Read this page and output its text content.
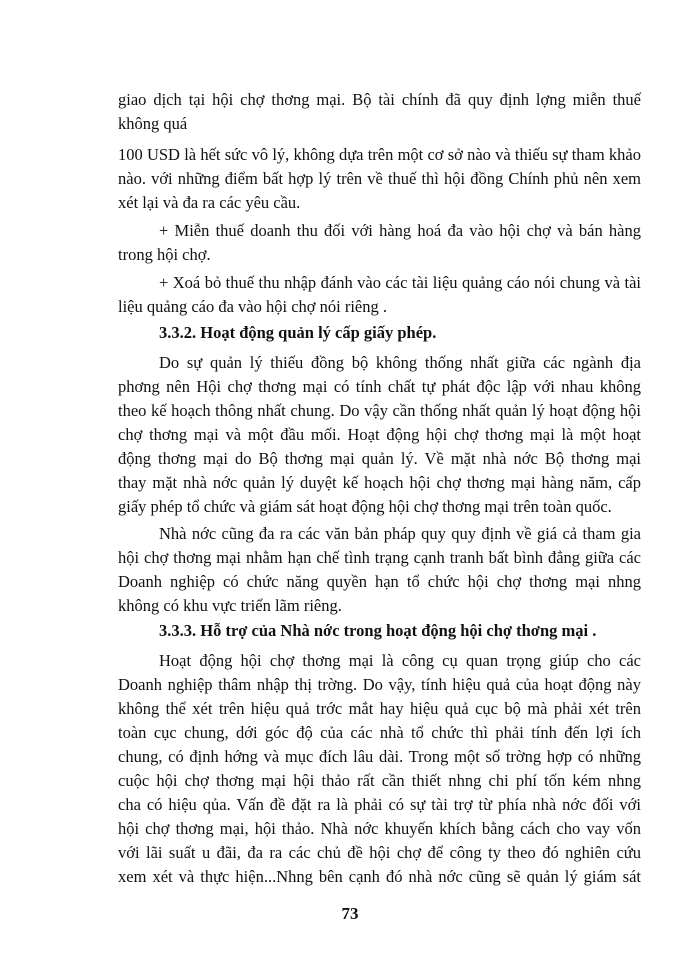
giao dịch tại hội chợ thơng mại. Bộ tài chính đã quy định lợng miễn thuế
không quá

100 USD là hết sức vô lý, không dựa trên một cơ sở nào và thiếu sự tham khảo
nào. với những điểm bất hợp lý trên về thuế thì hội đồng Chính phủ nên xem
xét lại và đa ra các yêu cầu.

+ Miễn thuế doanh thu đối với hàng hoá đa vào hội chợ và bán hàng
trong hội chợ.

+ Xoá bỏ thuế thu nhập đánh vào các tài liệu quảng cáo nói chung và tài
liệu quảng cáo đa vào hội chợ nói riêng .

3.3.2. Hoạt động quản lý cấp giấy phép.

Do sự quản lý thiếu đồng bộ không thống nhất giữa các ngành địa
phơng nên Hội chợ thơng mại có tính chất tự phát độc lập với nhau không
theo kế hoạch thông nhất chung. Do vậy cần thống nhất quản lý hoạt động hội
chợ thơng mại và một đầu mối. Hoạt động hội chợ thơng mại là một hoạt
động thơng mại do Bộ thơng mại quản lý. Về mặt nhà nớc Bộ thơng mại
thay mặt nhà nớc quản lý duyệt kế hoạch hội chợ thơng mại hàng năm, cấp
giấy phép tổ chức và giám sát hoạt động hội chợ thơng mại trên toàn quốc.

Nhà nớc cũng đa ra các văn bản pháp quy quy định về giá cả tham gia
hội chợ thơng mại nhằm hạn chế tình trạng cạnh tranh bất bình đẳng giữa các
Doanh nghiệp có chức năng quyền hạn tổ chức hội chợ thơng mại nhng
không có khu vực triển lãm riêng.

3.3.3. Hỗ trợ của Nhà nớc trong hoạt động hội chợ thơng mại .

Hoạt động hội chợ thơng mại là công cụ quan trọng giúp cho các
Doanh nghiệp thâm nhập thị trờng. Do vậy, tính hiệu quả của hoạt động này
không thể xét trên hiệu quả trớc mắt hay hiệu quả cục bộ mà phải xét trên
toàn cục chung, dới góc độ của các nhà tổ chức thì phải tính đến lợi ích
chung, có định hớng và mục đích lâu dài. Trong một số trờng hợp có những
cuộc hội chợ thơng mại hội thảo rất cần thiết nhng chi phí tốn kém nhng
cha có hiệu qủa. Vấn đề đặt ra là phải có sự tài trợ từ phía nhà nớc đối với
hội chợ thơng mại, hội thảo. Nhà nớc khuyến khích bằng cách cho vay vốn
với lãi suất u đãi, đa ra các chủ đề hội chợ để công ty theo đó nghiên cứu
xem xét và thực hiện...Nhng bên cạnh đó nhà nớc cũng sẽ quản lý giám sát

73
